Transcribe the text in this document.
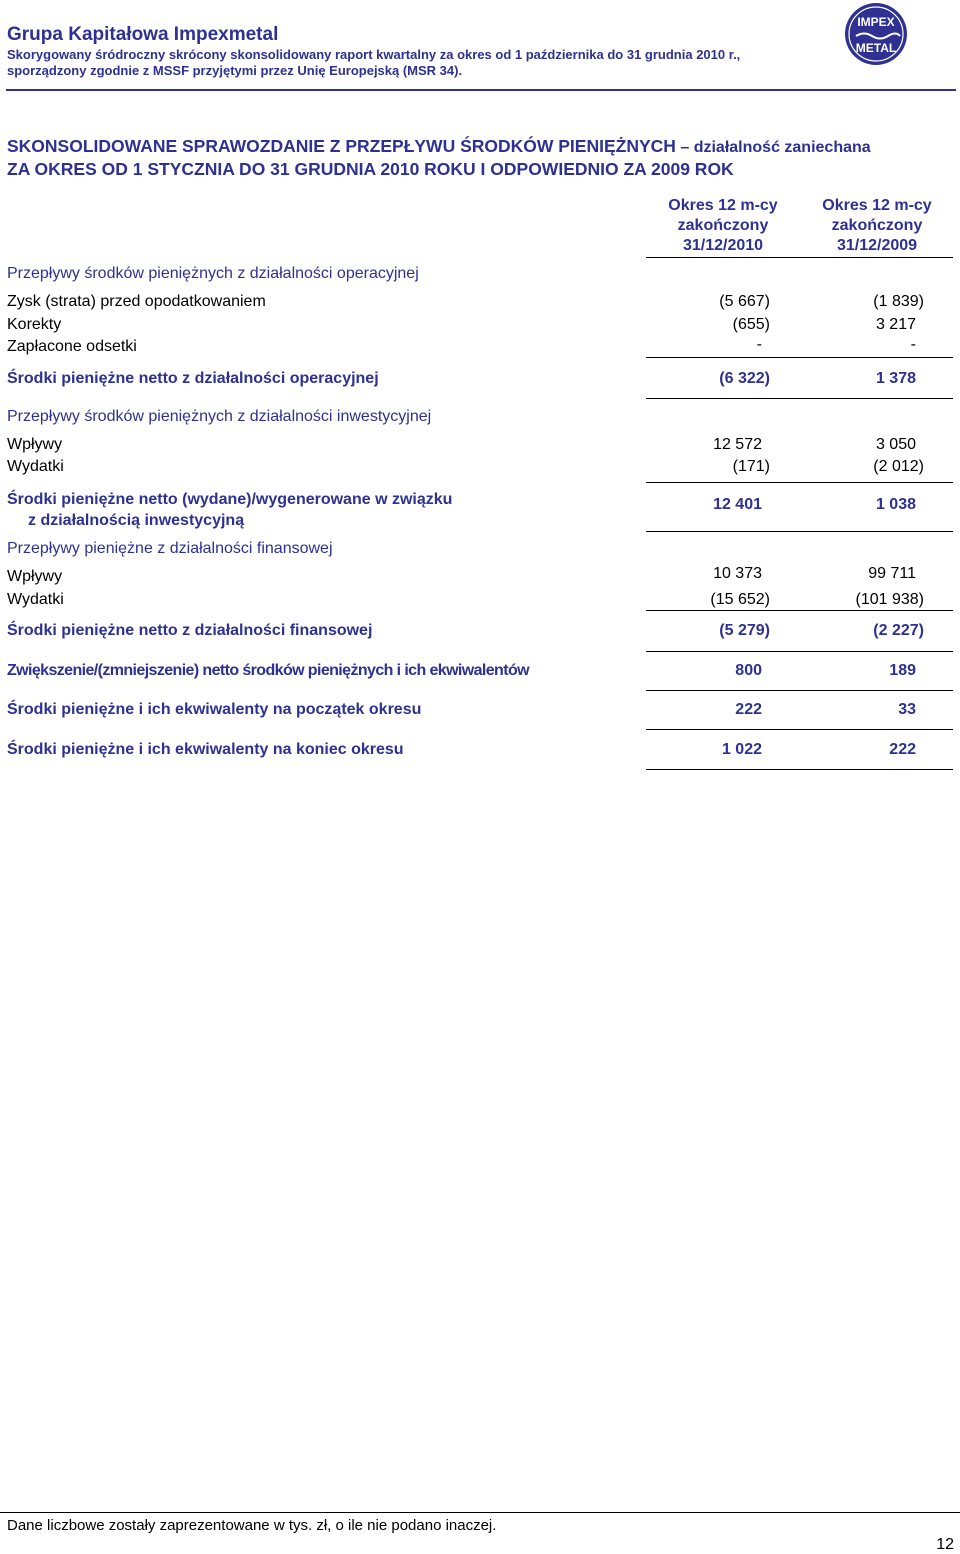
Grupa Kapitałowa Impexmetal
Skorygowany śródroczny skrócony skonsolidowany raport kwartalny za okres od 1 października do 31 grudnia 2010 r.,
sporządzony zgodnie z MSSF przyjętymi przez Unię Europejską (MSR 34).
IMPEX
METAL
SKONSOLIDOWANE SPRAWOZDANIE Z PRZEPŁYWU ŚRODKÓW PIENIĘŻNYCH – działalność zaniechana
ZA OKRES OD 1 STYCZNIA DO 31 GRUDNIA 2010 ROKU I ODPOWIEDNIO ZA 2009 ROK
Okres 12 m-cy
zakończony
31/12/2010
Okres 12 m-cy
zakończony
31/12/2009
Przepływy środków pieniężnych z działalności operacyjnej
Zysk (strata) przed opodatkowaniem	(5 667)	(1 839)
Korekty	(655)	3 217
Zapłacone odsetki	-	-
Środki pieniężne netto z działalności operacyjnej	(6 322)	1 378
Przepływy środków pieniężnych z działalności inwestycyjnej
Wpływy	12 572	3 050
Wydatki	(171)	(2 012)
Środki pieniężne netto (wydane)/wygenerowane w związku
z działalnością inwestycyjną
12 401	1 038
Przepływy pieniężne z działalności finansowej
Wpływy	10 373	99 711
Wydatki	(15 652)	(101 938)
Środki pieniężne netto z działalności finansowej	(5 279)	(2 227)
Zwiększenie/(zmniejszenie) netto środków pieniężnych i ich ekwiwalentów	800	189
Środki pieniężne i ich ekwiwalenty na początek okresu	222	33
Środki pieniężne i ich ekwiwalenty na koniec okresu	1 022	222
Dane liczbowe zostały zaprezentowane w tys. zł, o ile nie podano inaczej.
12
